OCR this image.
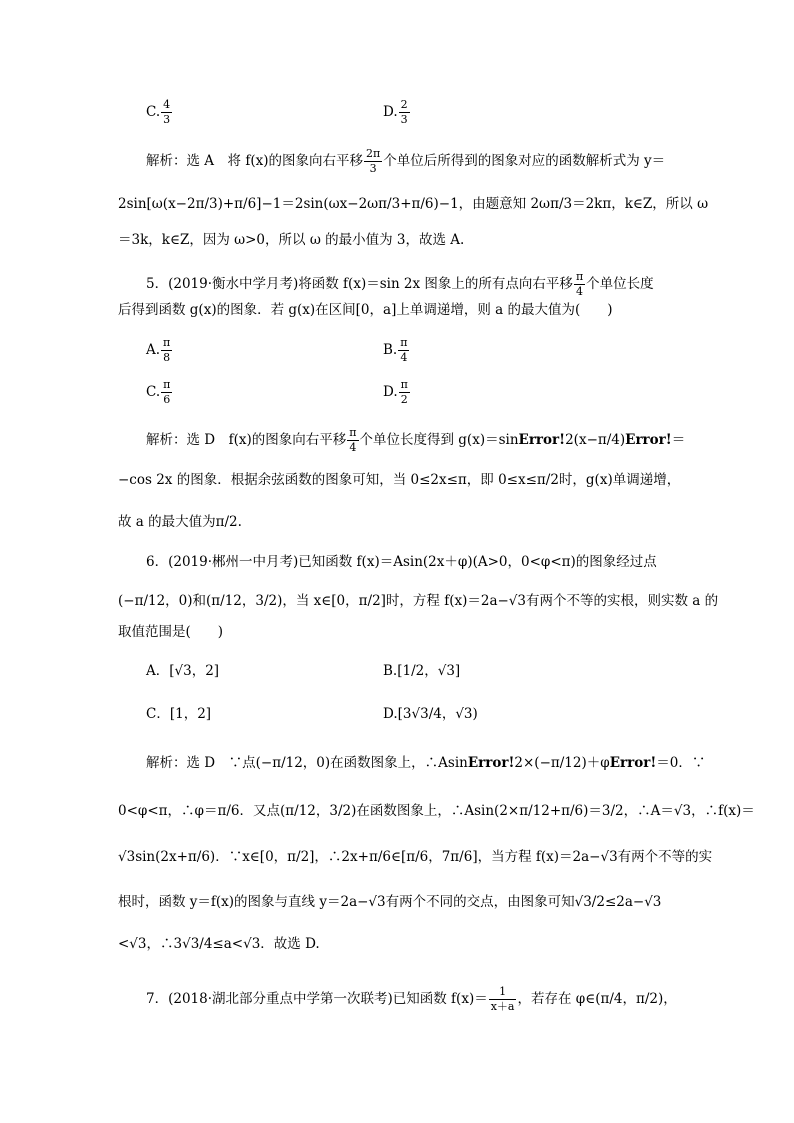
C. $\frac{4}{3}$	D. $\frac{2}{3}$
解析：选 A　将 f(x)的图象向右平移 $\frac{2\pi}{3}$ 个单位后所得到的图象对应的函数解析式为 y＝
2sin[ω(x−2π/3)+π/6]−1＝2sin(ωx−2ωπ/3+π/6)−1，由题意知 2ωπ/3＝2kπ，k∈Z，所以 ω
＝3k，k∈Z，因为 ω>0，所以 ω 的最小值为 3，故选 A.
5．(2019·衡水中学月考)将函数 f(x)＝sin 2x 图象上的所有点向右平移 $\frac{\pi}{4}$ 个单位长度
后得到函数 g(x)的图象．若 g(x)在区间[0，a]上单调递增，则 a 的最大值为(　　)
A. $\frac{\pi}{8}$	B. $\frac{\pi}{4}$
C. $\frac{\pi}{6}$	D. $\frac{\pi}{2}$
解析：选 D　f(x)的图象向右平移 $\frac{\pi}{4}$ 个单位长度得到 g(x)＝sinError!2(x−π/4)Error!＝
−cos 2x 的图象．根据余弦函数的图象可知，当 0≤2x≤π，即 0≤x≤π/2时，g(x)单调递增，
故 a 的最大值为π/2.
6．(2019·郴州一中月考)已知函数 f(x)＝Asin(2x＋φ)(A>0，0<φ<π)的图象经过点
(−π/12，0)和(π/12，3/2)，当 x∈[0，π/2]时，方程 f(x)＝2a−√3有两个不等的实根，则实数 a 的
取值范围是(　　)
A．[√3，2]	B.[1/2，√3]
C．[1，2]	D.[3√3/4，√3)
解析：选 D　∵点(−π/12，0)在函数图象上，∴AsinError!2×(−π/12)＋φError!＝0．∵
0<φ<π，∴φ＝π/6．又点(π/12，3/2)在函数图象上，∴Asin(2×π/12+π/6)＝3/2，∴A＝√3，∴f(x)＝
√3sin(2x+π/6)．∵x∈[0，π/2]，∴2x+π/6∈[π/6，7π/6]，当方程 f(x)＝2a−√3有两个不等的实
根时，函数 y＝f(x)的图象与直线 y＝2a−√3有两个不同的交点，由图象可知√3/2≤2a−√3
<√3，∴3√3/4≤a<√3．故选 D.
7．(2018·湖北部分重点中学第一次联考)已知函数 $f(x)= \frac{1}{x+a}$ ，若存在 φ∈(π/4，π/2)，
